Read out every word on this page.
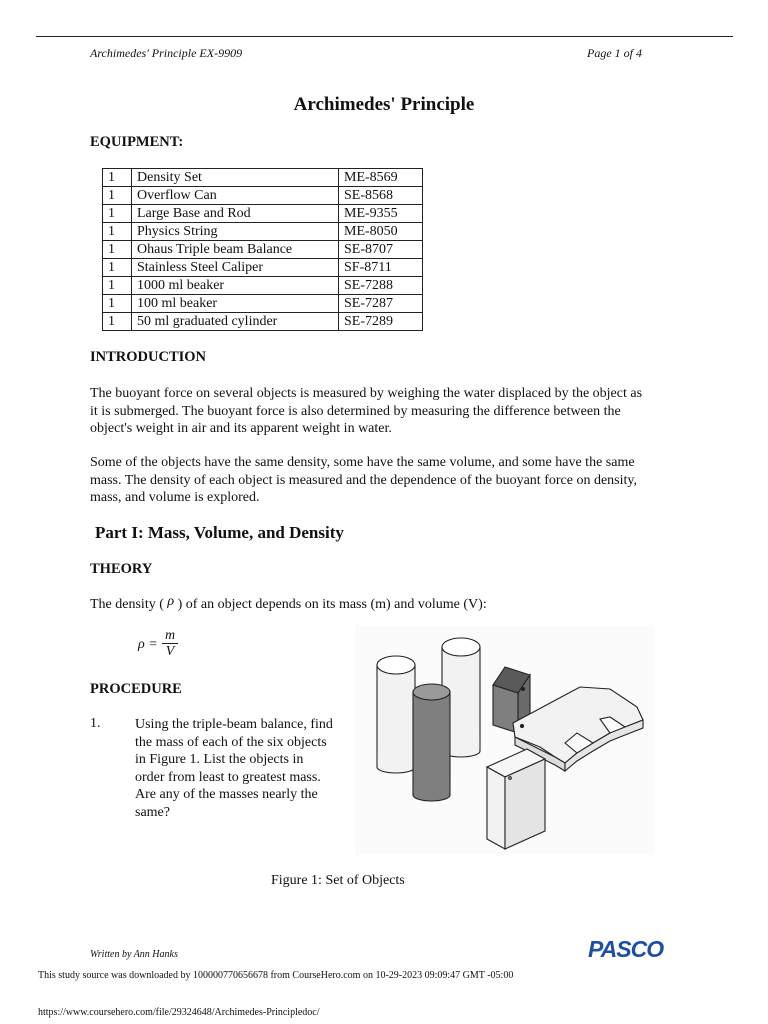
Archimedes' Principle EX-9909	Page 1 of 4
Archimedes' Principle
EQUIPMENT:
1	Density Set	ME-8569
1	Overflow Can	SE-8568
1	Large Base and Rod	ME-9355
1	Physics String	ME-8050
1	Ohaus Triple beam Balance	SE-8707
1	Stainless Steel Caliper	SF-8711
1	1000 ml beaker	SE-7288
1	100 ml beaker	SE-7287
1	50 ml graduated cylinder	SE-7289
INTRODUCTION
The buoyant force on several objects is measured by weighing the water displaced by the object as
it is submerged. The buoyant force is also determined by measuring the difference between the
object's weight in air and its apparent weight in water.
Some of the objects have the same density, some have the same volume, and some have the same
mass. The density of each object is measured and the dependence of the buoyant force on density,
mass, and volume is explored.
Part I: Mass, Volume, and Density
THEORY
The density ( ρ ) of an object depends on its mass (m) and volume (V):
ρ =
m
V
PROCEDURE
1. Using the triple-beam balance, find
the mass of each of the six objects
in Figure 1. List the objects in
order from least to greatest mass.
Are any of the masses nearly the
same?
Figure 1: Set of Objects
Written by Ann Hanks	PASCO
This study source was downloaded by 100000770656678 from CourseHero.com on 10-29-2023 09:09:47 GMT -05:00
https://www.coursehero.com/file/29324648/Archimedes-Principledoc/
